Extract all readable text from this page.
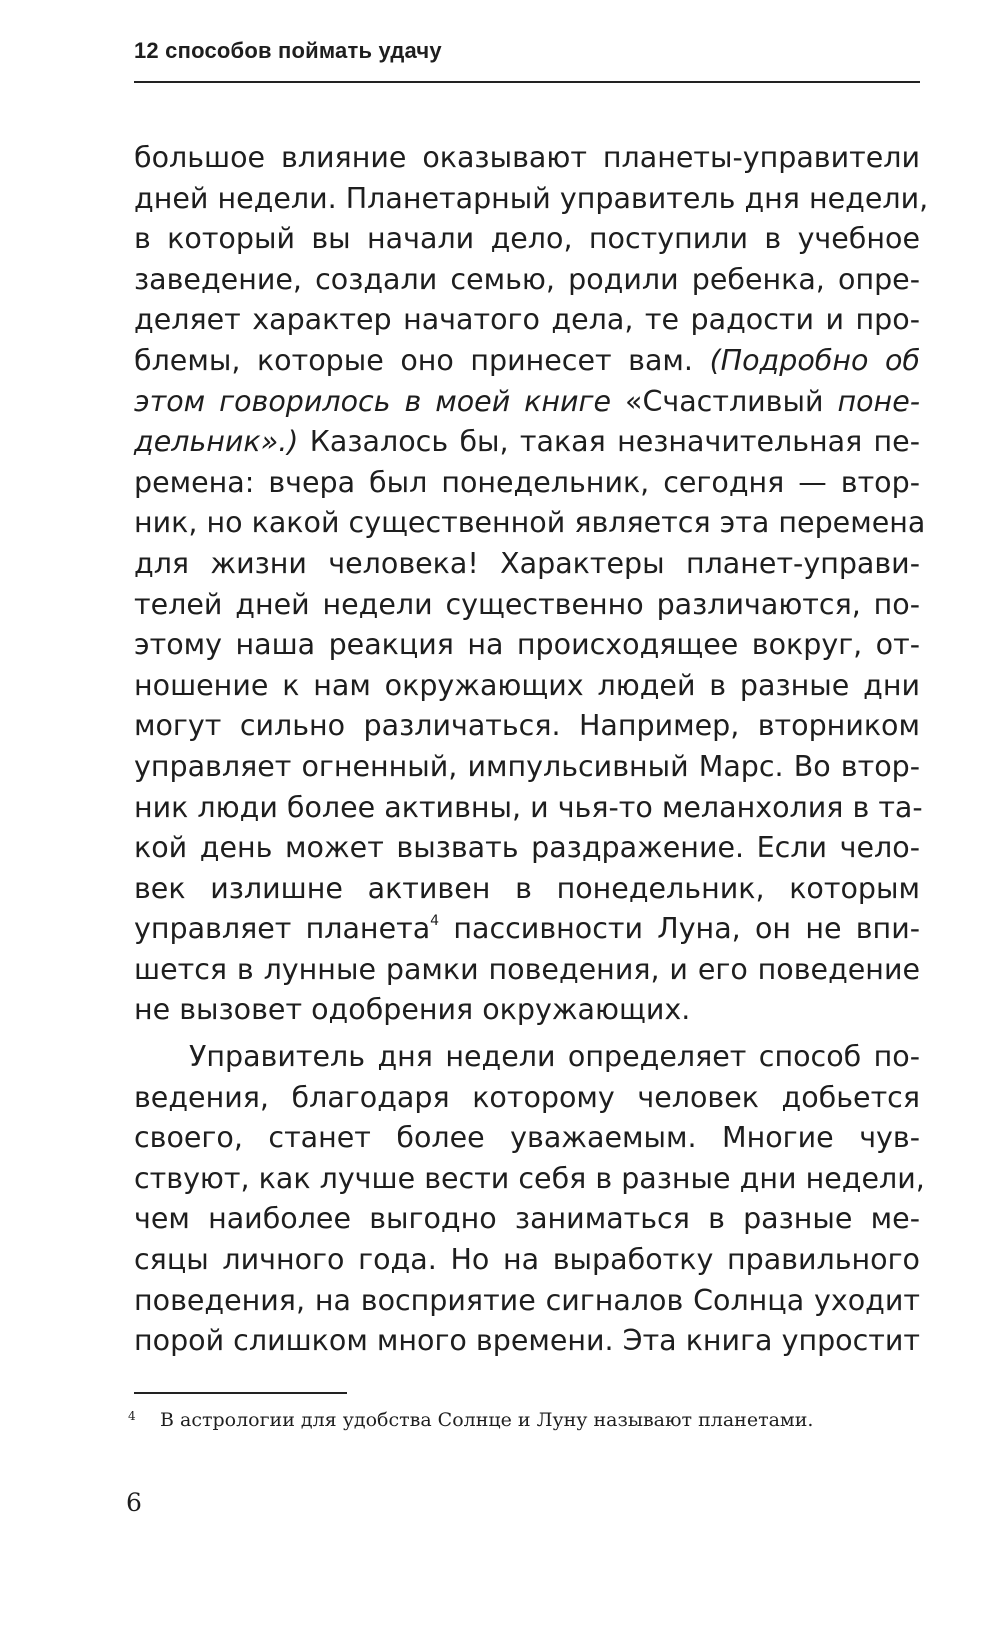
12 способов поймать удачу
большое влияние оказывают планеты-управители
дней недели. Планетарный управитель дня недели,
в который вы начали дело, поступили в учебное
заведение, создали семью, родили ребенка, опре-
деляет характер начатого дела, те радости и про-
блемы, которые оно принесет вам. (Подробно об
этом говорилось в моей книге «Счастливый поне-
дельник».) Казалось бы, такая незначительная пе-
ремена: вчера был понедельник, сегодня — втор-
ник, но какой существенной является эта перемена
для жизни человека! Характеры планет-управи-
телей дней недели существенно различаются, по-
этому наша реакция на происходящее вокруг, от-
ношение к нам окружающих людей в разные дни
могут сильно различаться. Например, вторником
управляет огненный, импульсивный Марс. Во втор-
ник люди более активны, и чья-то меланхолия в та-
кой день может вызвать раздражение. Если чело-
век излишне активен в понедельник, которым
управляет планета$^4$ пассивности Луна, он не впи-
шется в лунные рамки поведения, и его поведение
не вызовет одобрения окружающих.
Управитель дня недели определяет способ по-
ведения, благодаря которому человек добьется
своего, станет более уважаемым. Многие чув-
ствуют, как лучше вести себя в разные дни недели,
чем наиболее выгодно заниматься в разные ме-
сяцы личного года. Но на выработку правильного
поведения, на восприятие сигналов Солнца уходит
порой слишком много времени. Эта книга упростит
4 В астрологии для удобства Солнце и Луну называют планетами.
6
